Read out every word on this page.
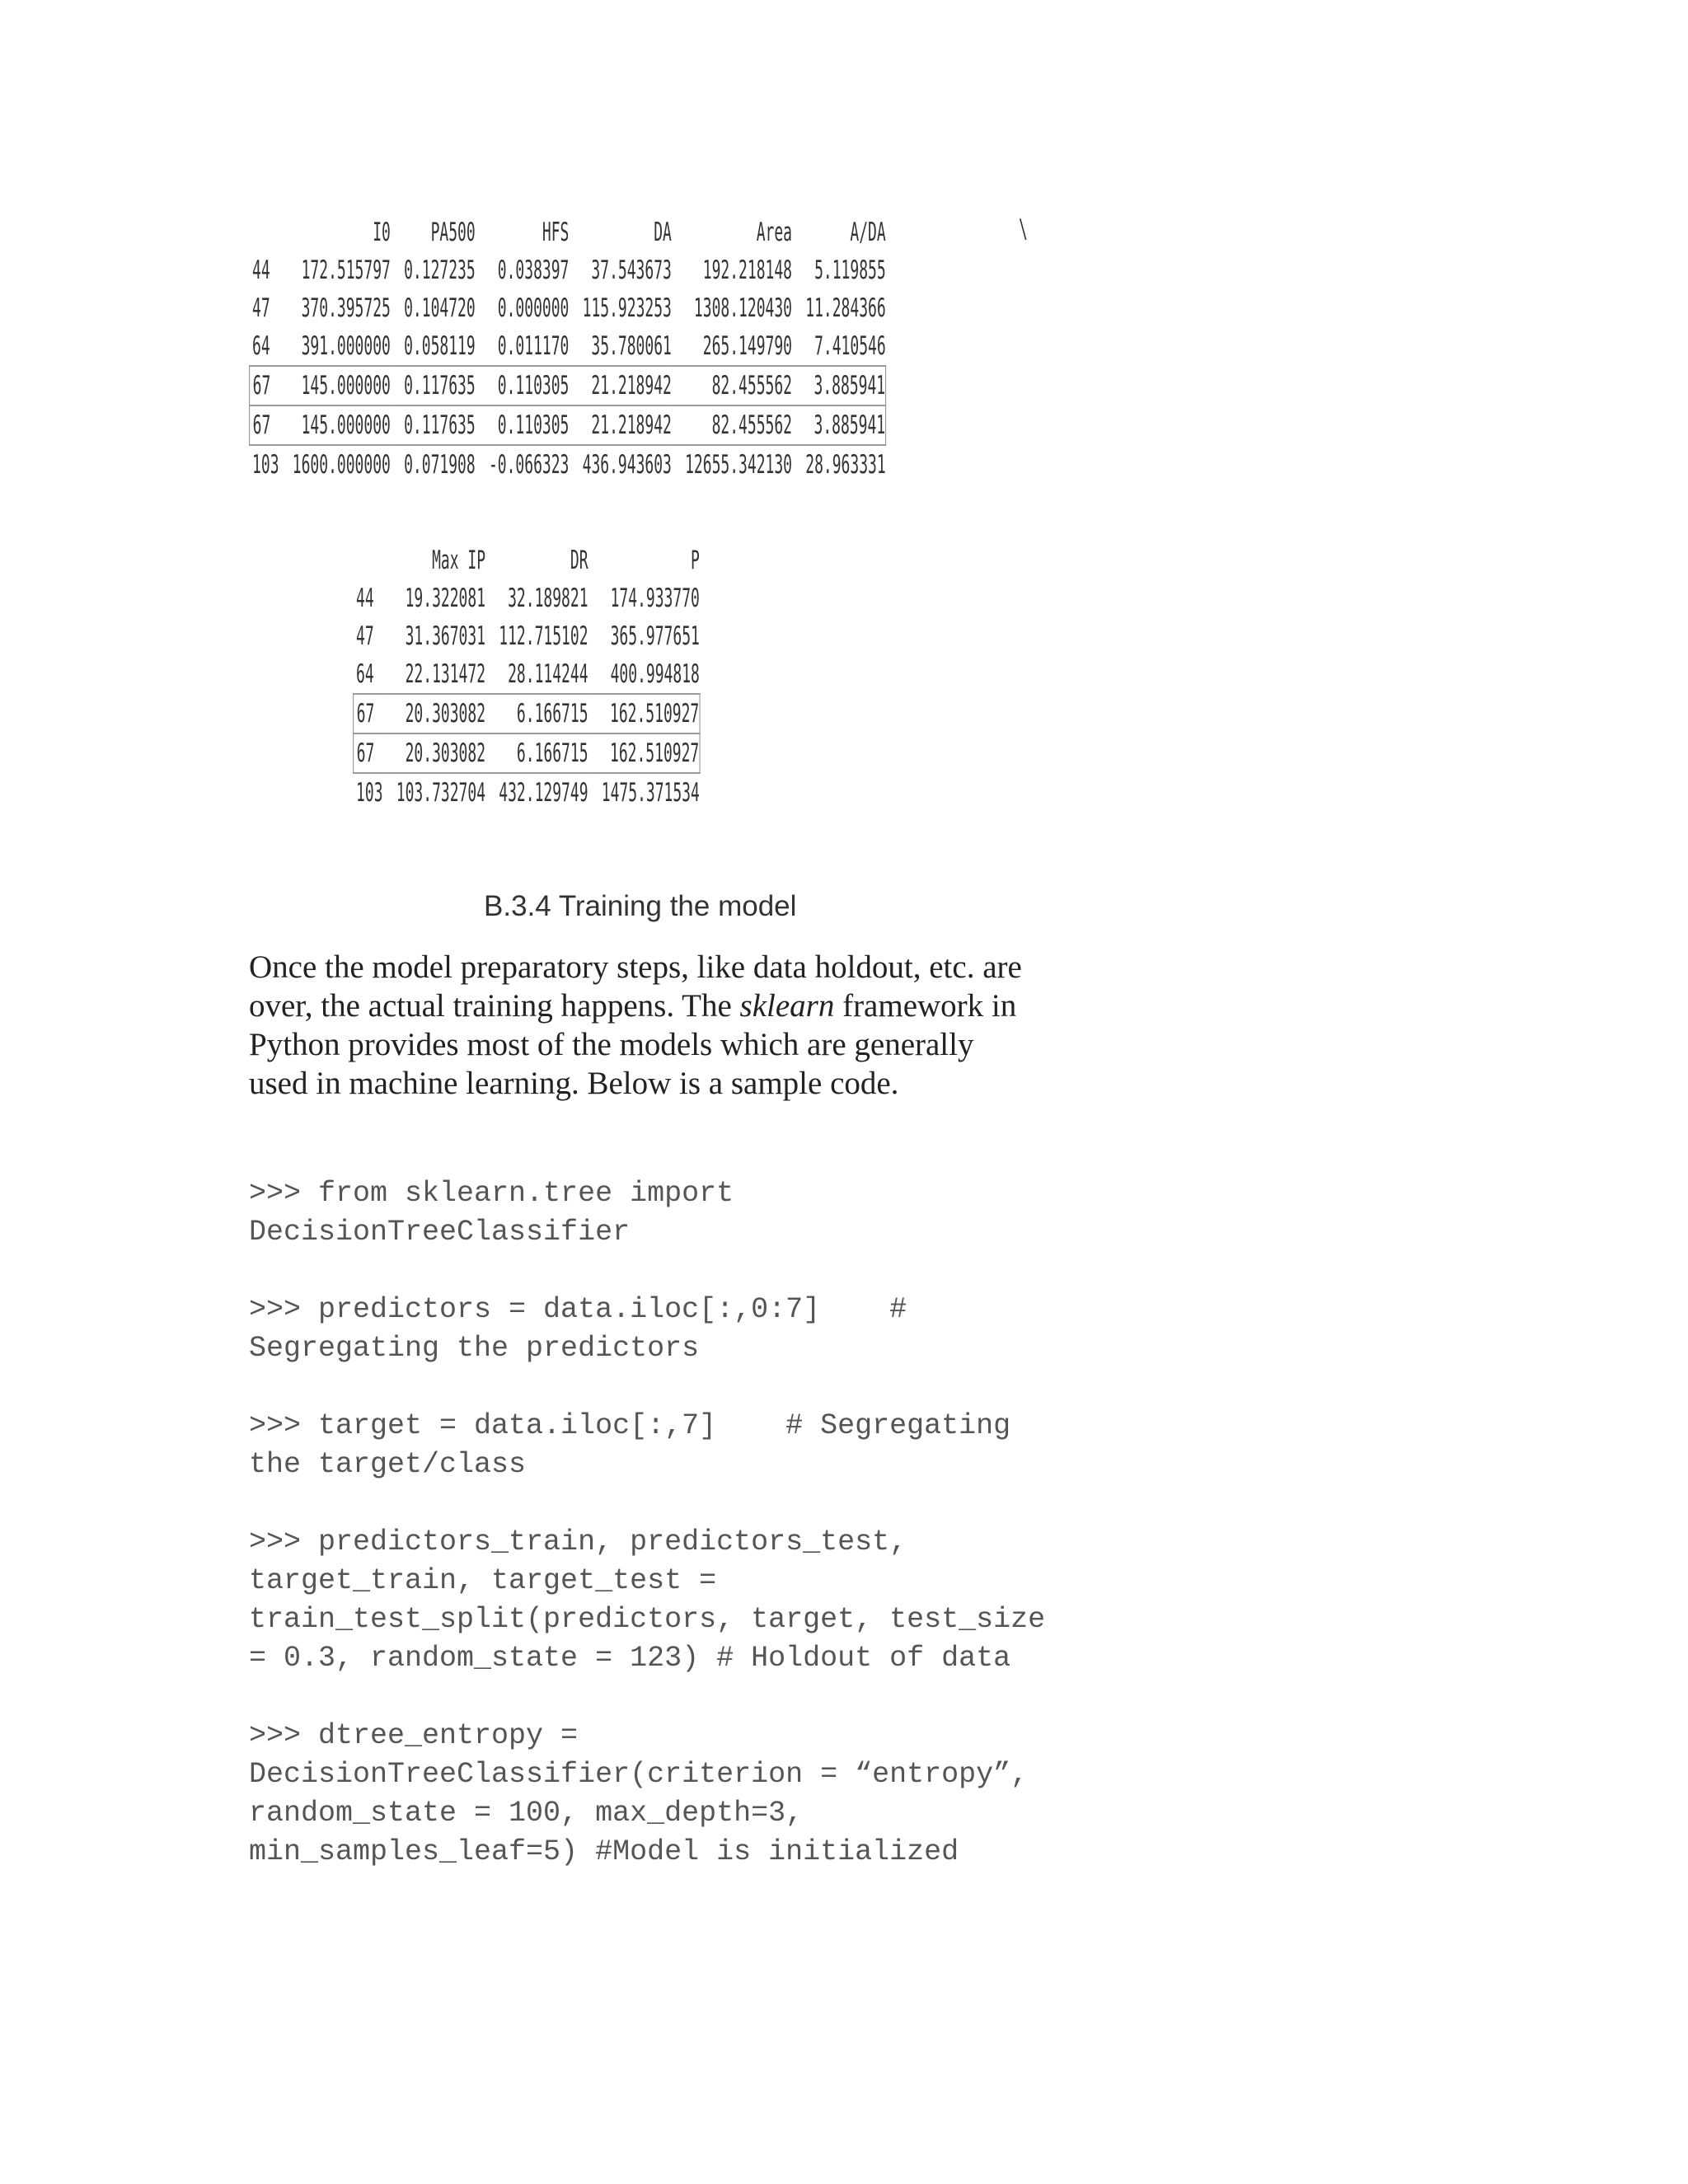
	I0	PA500	HFS	DA	Area	A/DA
44	172.515797	0.127235	0.038397	37.543673	192.218148	5.119855
47	370.395725	0.104720	0.000000	115.923253	1308.120430	11.284366
64	391.000000	0.058119	0.011170	35.780061	265.149790	7.410546
67	145.000000	0.117635	0.110305	21.218942	82.455562	3.885941
67	145.000000	0.117635	0.110305	21.218942	82.455562	3.885941
103	1600.000000	0.071908	-0.066323	436.943603	12655.342130	28.963331
\
	Max IP	DR	P
44	19.322081	32.189821	174.933770
47	31.367031	112.715102	365.977651
64	22.131472	28.114244	400.994818
67	20.303082	6.166715	162.510927
67	20.303082	6.166715	162.510927
103	103.732704	432.129749	1475.371534
B.3.4 Training the model

Once the model preparatory steps, like data holdout, etc. are over, the actual training happens. The sklearn framework in Python provides most of the models which are generally used in machine learning. Below is a sample code.

>>> from sklearn.tree import DecisionTreeClassifier

>>> predictors = data.iloc[:,0:7]    # Segregating the predictors

>>> target = data.iloc[:,7]    # Segregating the target/class

>>> predictors_train, predictors_test, target_train, target_test = train_test_split(predictors, target, test_size = 0.3, random_state = 123) # Holdout of data

>>> dtree_entropy = DecisionTreeClassifier(criterion = “entropy”, random_state = 100, max_depth=3, min_samples_leaf=5) #Model is initialized
